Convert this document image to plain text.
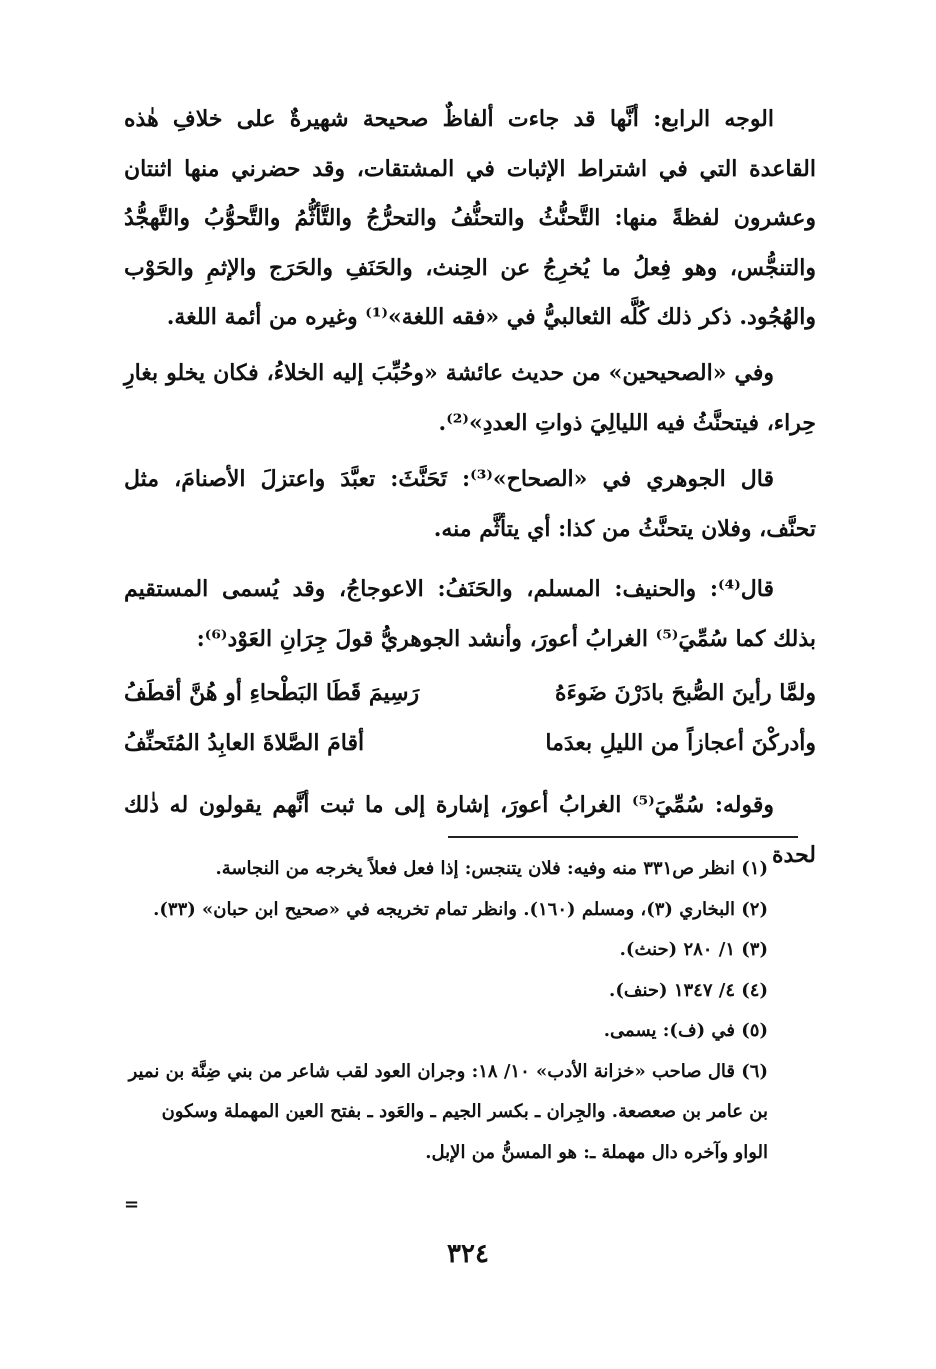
الوجه الرابع: أنَّها قد جاءت ألفاظٌ صحيحة شهيرةٌ على خلافِ هٰذه القاعدة التي في اشتراط الإثبات في المشتقات، وقد حضرني منها اثنتان وعشرون لفظةً منها: التَّحنُّثُ والتحنُّفُ والتحرُّجُ والتَّأثُّمُ والتَّحوُّبُ والتَّهجُّدُ والتنجُّس، وهو فِعلُ ما يُخرِجُ عن الحِنث، والحَنَفِ والحَرَج والإثمِ والحَوْب والهُجُود. ذكر ذلك كُلَّه الثعالبيُّ في «فقه اللغة»⁽¹⁾ وغيره من أئمة اللغة.

وفي «الصحيحين» من حديث عائشة «وحُبِّبَ إليه الخلاءُ، فكان يخلو بغارِ حِراء، فيتحنَّثُ فيه الليالِيَ ذواتِ العددِ»⁽²⁾.

قال الجوهري في «الصحاح»⁽³⁾: تَحَنَّثَ: تعبَّدَ واعتزلَ الأصنامَ، مثل تحنَّف، وفلان يتحنَّثُ من كذا: أي يتأثَّم منه.

قال⁽⁴⁾: والحنيف: المسلم، والحَنَفُ: الاعوجاجُ، وقد يُسمى المستقيم بذلك كما سُمِّيَ⁽⁵⁾ الغرابُ أعورَ، وأنشد الجوهريُّ قولَ جِرَانِ العَوْد⁽⁶⁾:

ولمَّا رأينَ الصُّبحَ بادَرْنَ ضَوءَهُ
رَسِيمَ قَطَا البَطْحاءِ أو هُنَّ أقطَفُ
وأدركْنَ أعجازاً من الليلِ بعدَما
أقامَ الصَّلاةَ العابِدُ المُتَحنِّفُ

وقوله: سُمِّيَ⁽⁵⁾ الغرابُ أعورَ، إشارة إلى ما ثبت أنَّهم يقولون له ذٰلك لحدة

(١) انظر ص٣٣١ منه وفيه: فلان يتنجس: إذا فعل فعلاً يخرجه من النجاسة.

(٢) البخاري (٣)، ومسلم (١٦٠). وانظر تمام تخريجه في «صحيح ابن حبان» (٣٣).

(٣) ١/ ٢٨٠ (حنث).

(٤) ٤/ ١٣٤٧ (حنف).

(٥) في (ف): يسمى.

(٦) قال صاحب «خزانة الأدب» ١٠/ ١٨: وجران العود لقب شاعر من بني ضِنَّة بن نمير بن عامر بن صعصعة. والجِران ـ بكسر الجيم ـ والعَود ـ بفتح العين المهملة وسكون الواو وآخره دال مهملة ـ: هو المسنُّ من الإبل.

=
٣٢٤
